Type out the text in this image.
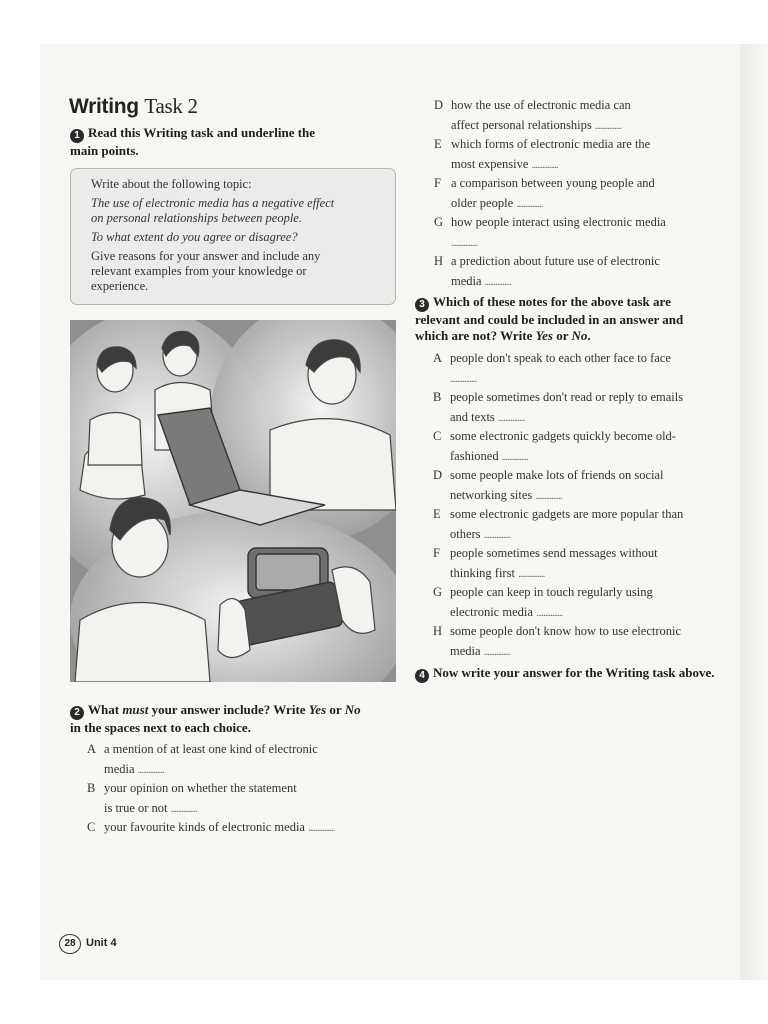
Writing Task 2
1 Read this Writing task and underline the
main points.

Write about the following topic:

The use of electronic media has a negative effect
on personal relationships between people.

To what extent do you agree or disagree?

Give reasons for your answer and include any
relevant examples from your knowledge or
experience.

2 What must your answer include? Write Yes or No
in the spaces next to each choice.
A a mention of at least one kind of electronic
media ...............
B your opinion on whether the statement
is true or not ...............
C your favourite kinds of electronic media ...............
D how the use of electronic media can
affect personal relationships ...............
E which forms of electronic media are the
most expensive ...............
F a comparison between young people and
older people ...............
G how people interact using electronic media
...............
H a prediction about future use of electronic
media ...............
3 Which of these notes for the above task are
relevant and could be included in an answer and
which are not? Write Yes or No.
A people don't speak to each other face to face
...............
B people sometimes don't read or reply to emails
and texts ...............
C some electronic gadgets quickly become old-
fashioned ...............
D some people make lots of friends on social
networking sites ...............
E some electronic gadgets are more popular than
others ...............
F people sometimes send messages without
thinking first ...............
G people can keep in touch regularly using
electronic media ...............
H some people don't know how to use electronic
media ...............
4 Now write your answer for the Writing task above.
28 Unit 4
